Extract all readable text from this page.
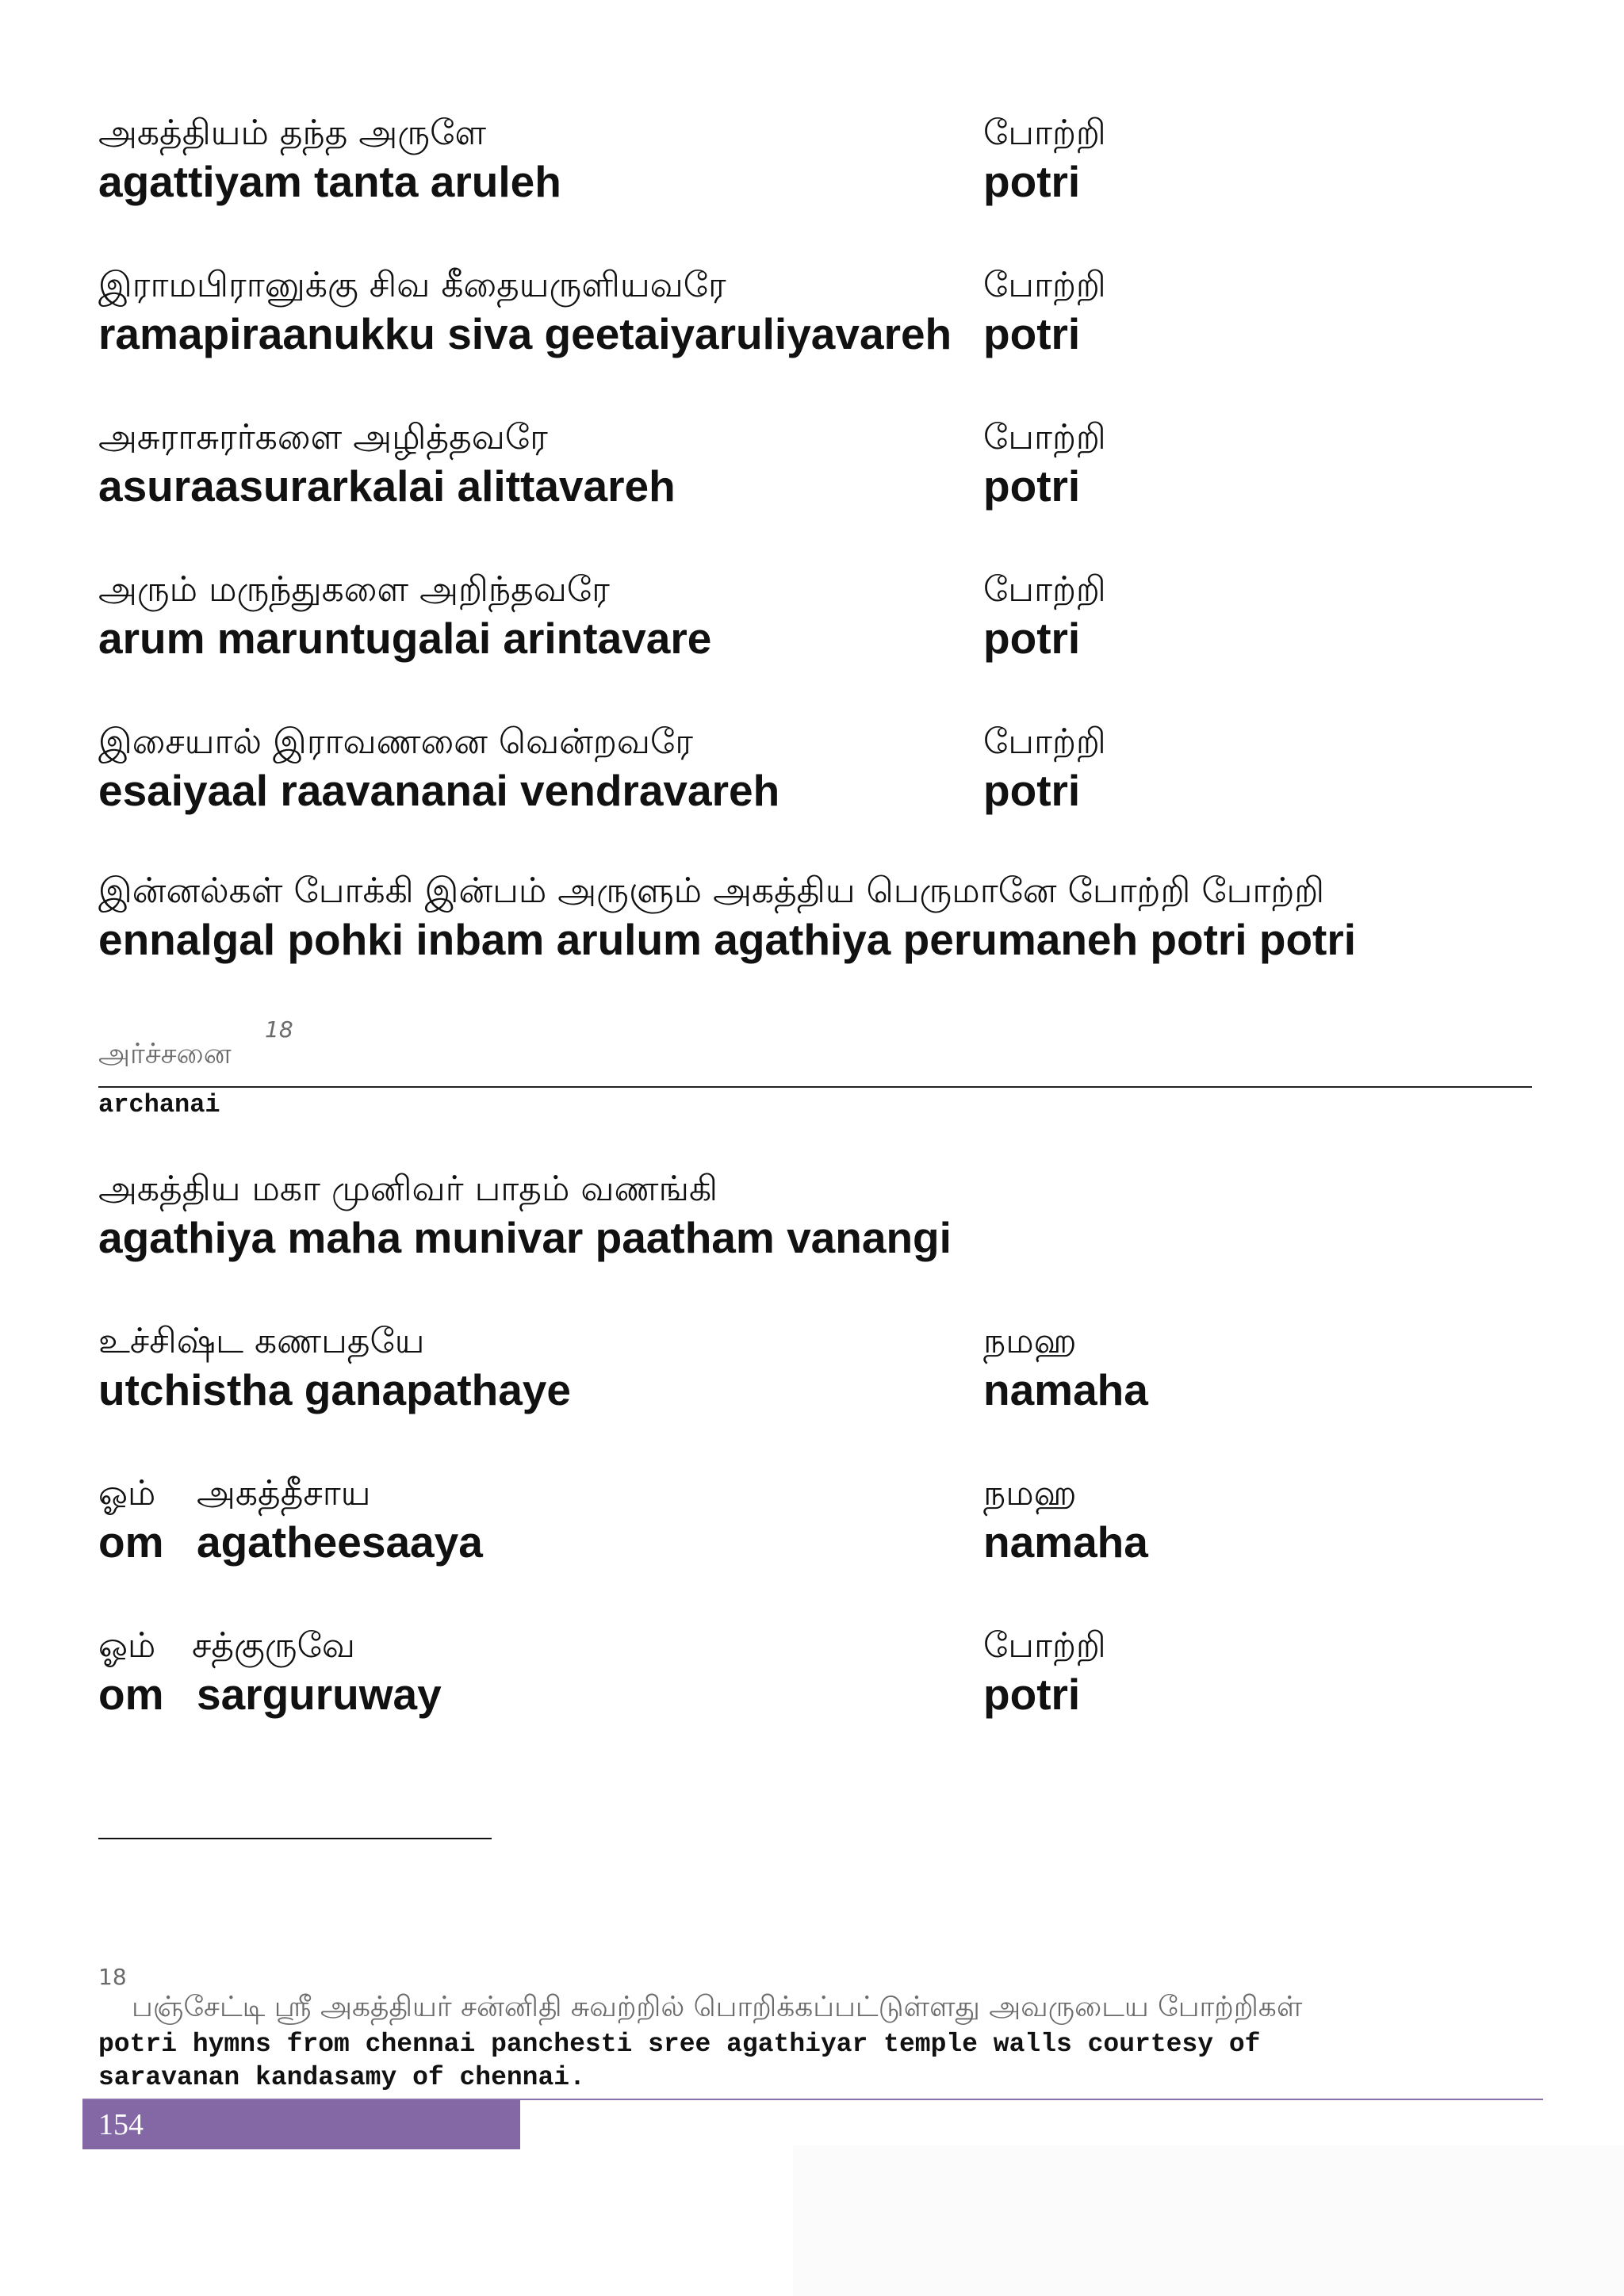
அகத்தியம் தந்த அருளே	போற்றி
agattiyam tanta aruleh	potri
இராமபிரானுக்கு சிவ கீதையருளியவரே	போற்றி
ramapiraanukku siva geetaiyaruliyavareh potri
அசுராசுரர்களை அழித்தவரே	போற்றி
asuraasurarkalai alittavareh	potri
அரும் மருந்துகளை அறிந்தவரே	போற்றி
arum maruntugalai arintavare	potri
இசையால் இராவணனை வென்றவரே	போற்றி
esaiyaal raavananai vendravareh	potri
இன்னல்கள் போக்கி இன்பம் அருளும் அகத்திய பெருமானே போற்றி போற்றி
ennalgal pohki inbam arulum agathiya perumaneh potri potri
அர்ச்சனை
18
archanai
அகத்திய மகா முனிவர் பாதம் வணங்கி
agathiya maha munivar paatham vanangi
உச்சிஷ்ட கணபதயே	நமஹ
utchistha ganapathaye	namaha
ஓம் அகத்தீசாய	நமஹ
om agatheesaaya	namaha
ஓம் சத்குருவே	போற்றி
om sarguruway	potri
18
பஞ்சேட்டி ஸ்ரீ அகத்தியர் சன்னிதி சுவற்றில் பொறிக்கப்பட்டுள்ளது அவருடைய போற்றிகள்
potri hymns from chennai panchesti sree agathiyar temple walls courtesy of
saravanan kandasamy of chennai.
154
